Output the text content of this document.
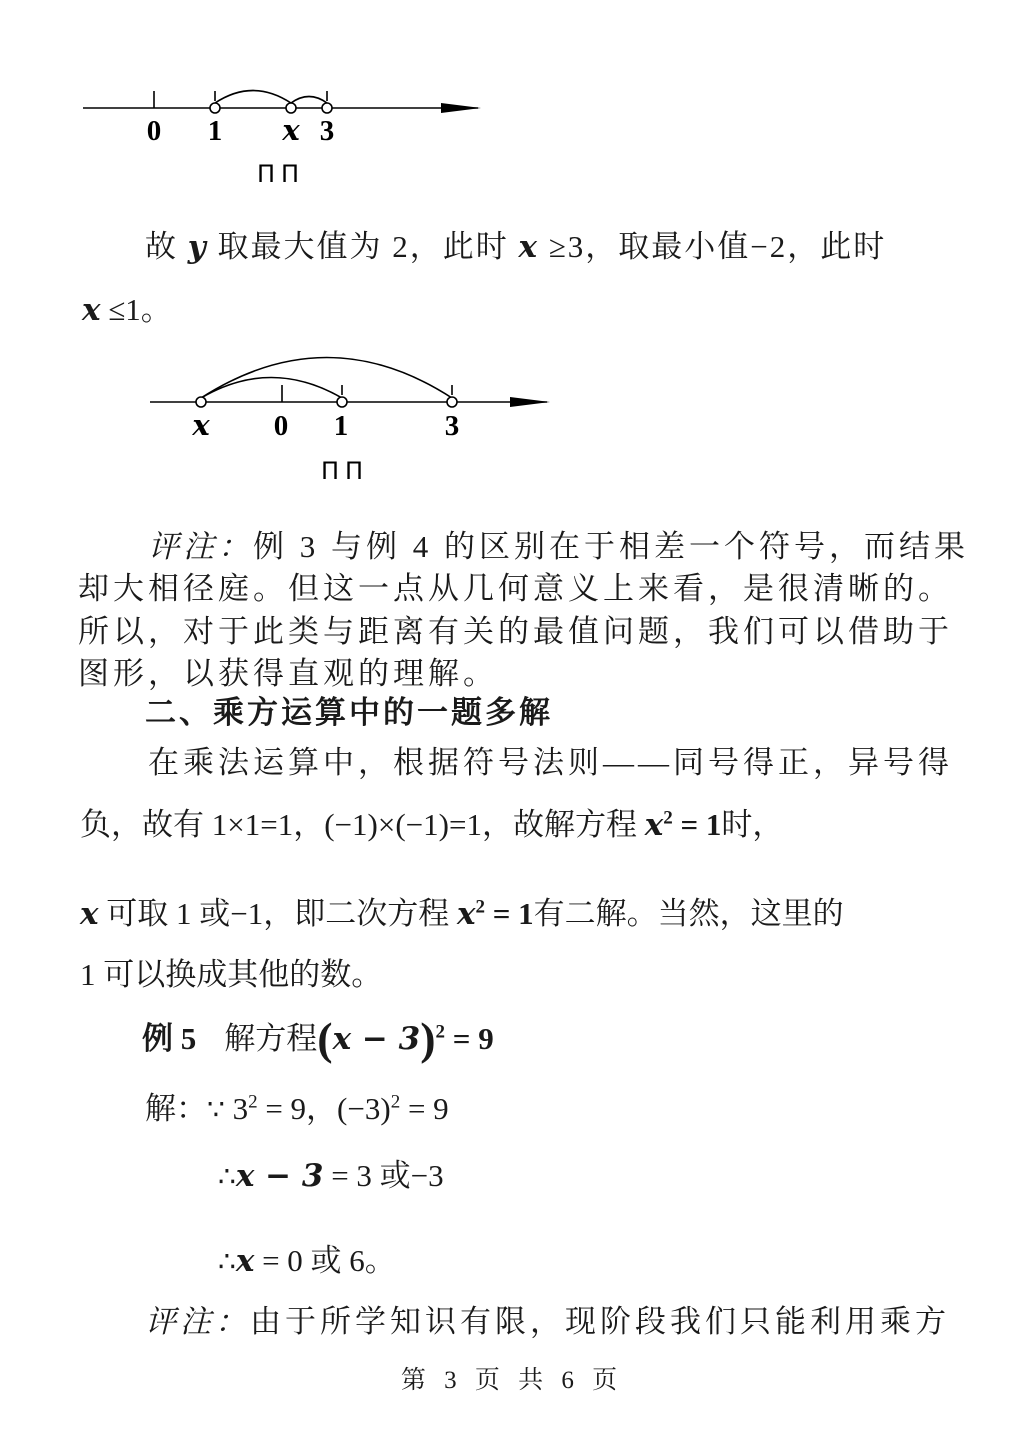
0 1 x 3
ПП
故 y 取最大值为 2，此时 x ≥3，取最小值−2，此时
x ≤1。
x 0 1	3
ПП
评注：例 3 与例 4 的区别在于相差一个符号，而结果
却大相径庭。但这一点从几何意义上来看，是很清晰的。
所以，对于此类与距离有关的最值问题，我们可以借助于
图形，以获得直观的理解。
二、乘方运算中的一题多解
在乘法运算中，根据符号法则——同号得正，异号得
负，故有 1×1=1，(−1)×(−1)=1，故解方程 $x^2 = 1$时，
x 可取 1 或−1，即二次方程 $x^2 = 1$有二解。当然，这里的
1 可以换成其他的数。
例 5 解方程$(x - 3)^2 = 9$
解：∵ $3^2 = 9$，$(-3)^2 = 9$
∴x − 3 = 3 或−3
∴x = 0 或 6。
评注：由于所学知识有限，现阶段我们只能利用乘方
第 3 页 共 6 页
